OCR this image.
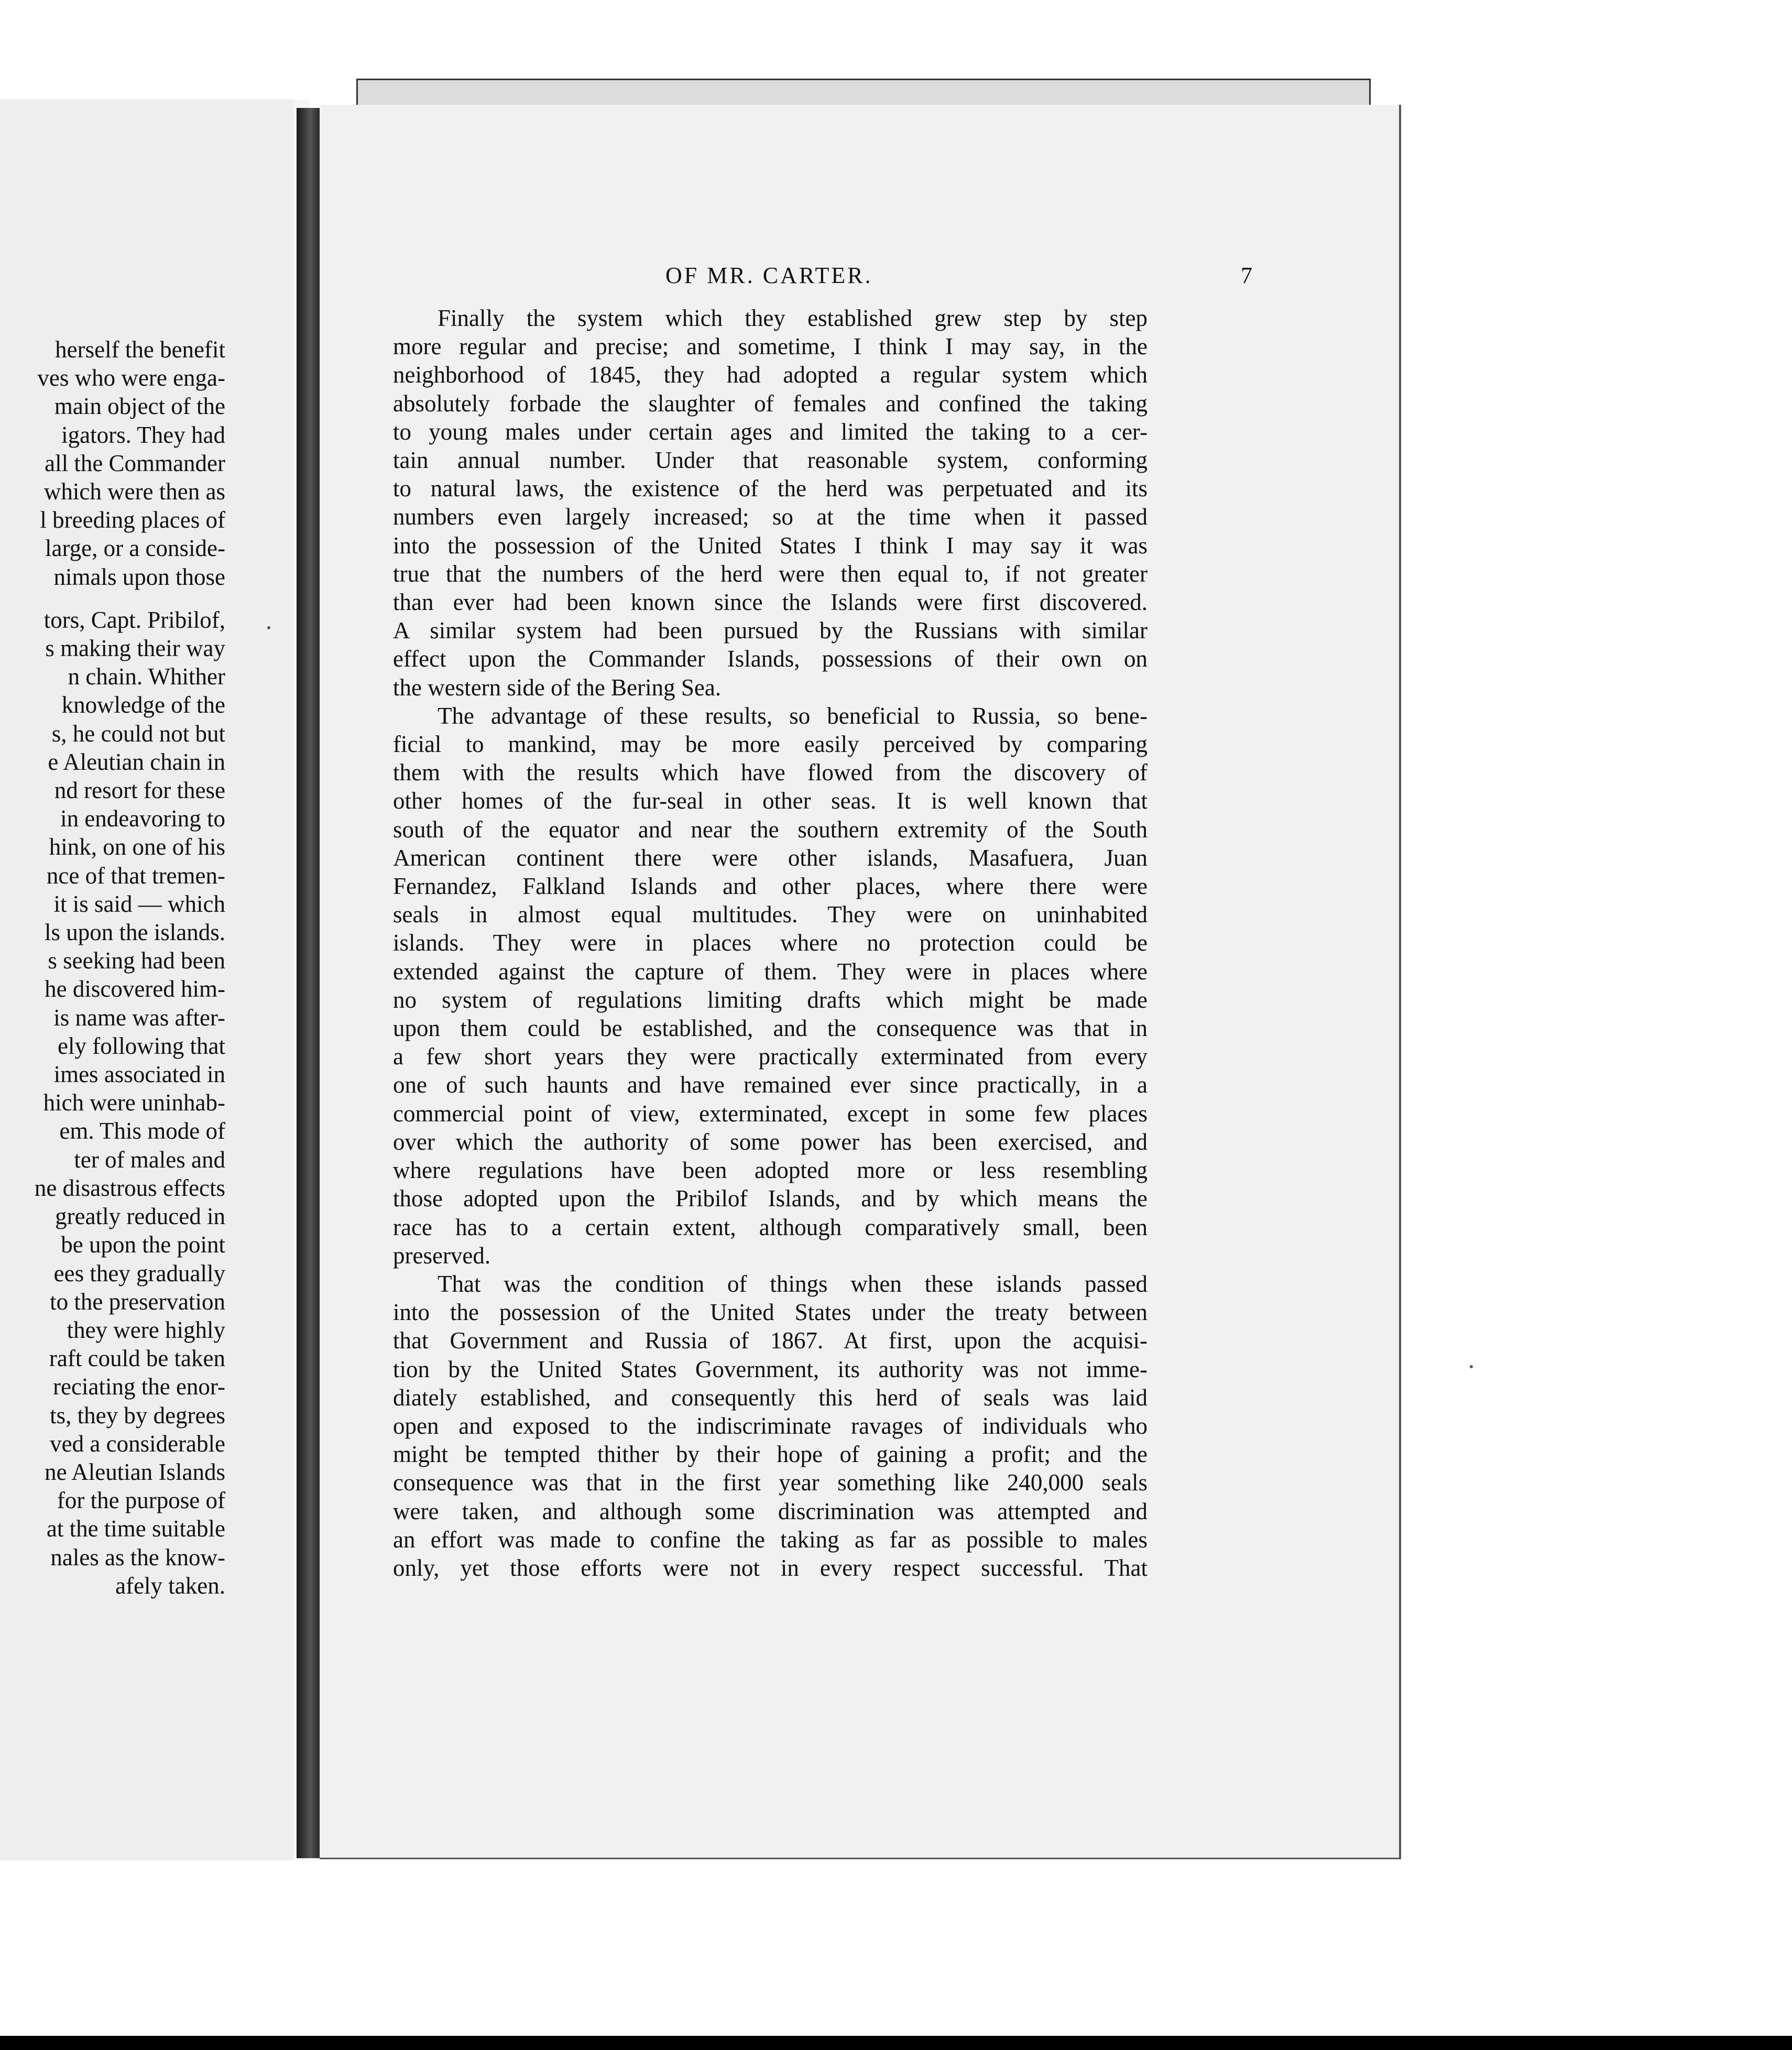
herself the benefit
ves who were enga-
main object of the
igators. They had
all the Commander
which were then as
l breeding places of
large, or a conside-
nimals upon those
tors, Capt. Pribilof,
s making their way
n chain. Whither
knowledge of the
s, he could not but
e Aleutian chain in
nd resort for these
in endeavoring to
hink, on one of his
nce of that tremen-
it is said — which
ls upon the islands.
s seeking had been
he discovered him-
is name was after-
ely following that
imes associated in
hich were uninhab-
em. This mode of
ter of males and
ne disastrous effects
greatly reduced in
be upon the point
ees they gradually
to the preservation
they were highly
raft could be taken
reciating the enor-
ts, they by degrees
ved a considerable
ne Aleutian Islands
for the purpose of
at the time suitable
nales as the know-
afely taken.
OF MR. CARTER.	7
Finally the system which they established grew step by step
more regular and precise; and sometime, I think I may say, in the
neighborhood of 1845, they had adopted a regular system which
absolutely forbade the slaughter of females and confined the taking
to young males under certain ages and limited the taking to a cer-
tain annual number. Under that reasonable system, conforming
to natural laws, the existence of the herd was perpetuated and its
numbers even largely increased; so at the time when it passed
into the possession of the United States I think I may say it was
true that the numbers of the herd were then equal to, if not greater
than ever had been known since the Islands were first discovered.
A similar system had been pursued by the Russians with similar
effect upon the Commander Islands, possessions of their own on
the western side of the Bering Sea.
The advantage of these results, so beneficial to Russia, so bene-
ficial to mankind, may be more easily perceived by comparing
them with the results which have flowed from the discovery of
other homes of the fur-seal in other seas. It is well known that
south of the equator and near the southern extremity of the South
American continent there were other islands, Masafuera, Juan
Fernandez, Falkland Islands and other places, where there were
seals in almost equal multitudes. They were on uninhabited
islands. They were in places where no protection could be
extended against the capture of them. They were in places where
no system of regulations limiting drafts which might be made
upon them could be established, and the consequence was that in
a few short years they were practically exterminated from every
one of such haunts and have remained ever since practically, in a
commercial point of view, exterminated, except in some few places
over which the authority of some power has been exercised, and
where regulations have been adopted more or less resembling
those adopted upon the Pribilof Islands, and by which means the
race has to a certain extent, although comparatively small, been
preserved.
That was the condition of things when these islands passed
into the possession of the United States under the treaty between
that Government and Russia of 1867. At first, upon the acquisi-
tion by the United States Government, its authority was not imme-
diately established, and consequently this herd of seals was laid
open and exposed to the indiscriminate ravages of individuals who
might be tempted thither by their hope of gaining a profit; and the
consequence was that in the first year something like 240,000 seals
were taken, and although some discrimination was attempted and
an effort was made to confine the taking as far as possible to males
only, yet those efforts were not in every respect successful. That
